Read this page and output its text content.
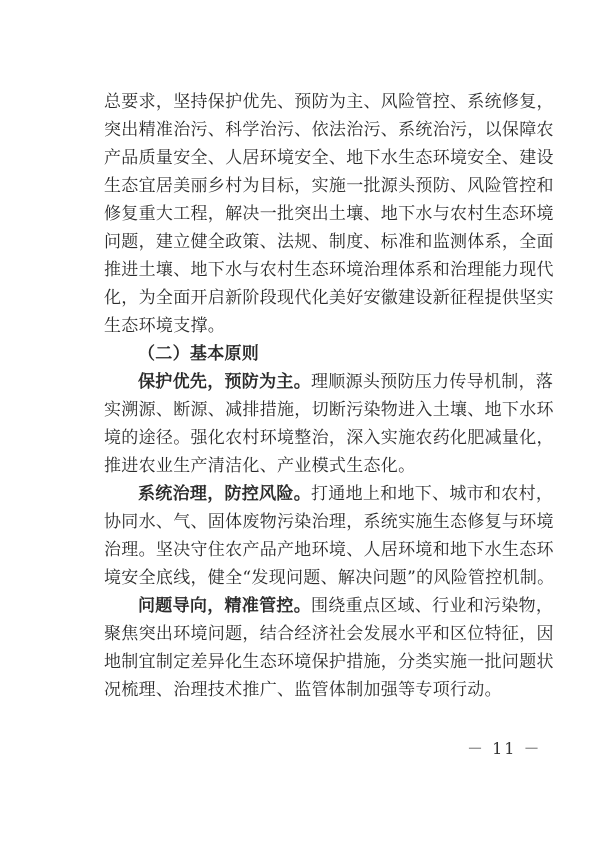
总要求，坚持保护优先、预防为主、风险管控、系统修复，
突出精准治污、科学治污、依法治污、系统治污，以保障农
产品质量安全、人居环境安全、地下水生态环境安全、建设
生态宜居美丽乡村为目标，实施一批源头预防、风险管控和
修复重大工程，解决一批突出土壤、地下水与农村生态环境
问题，建立健全政策、法规、制度、标准和监测体系，全面
推进土壤、地下水与农村生态环境治理体系和治理能力现代
化，为全面开启新阶段现代化美好安徽建设新征程提供坚实
生态环境支撑。
（二）基本原则
保护优先，预防为主。理顺源头预防压力传导机制，落
实溯源、断源、减排措施，切断污染物进入土壤、地下水环
境的途径。强化农村环境整治，深入实施农药化肥减量化，
推进农业生产清洁化、产业模式生态化。
系统治理，防控风险。打通地上和地下、城市和农村，
协同水、气、固体废物污染治理，系统实施生态修复与环境
治理。坚决守住农产品产地环境、人居环境和地下水生态环
境安全底线，健全“发现问题、解决问题”的风险管控机制。
问题导向，精准管控。围绕重点区域、行业和污染物，
聚焦突出环境问题，结合经济社会发展水平和区位特征，因
地制宜制定差异化生态环境保护措施，分类实施一批问题状
况梳理、治理技术推广、监管体制加强等专项行动。
－ 11 －
